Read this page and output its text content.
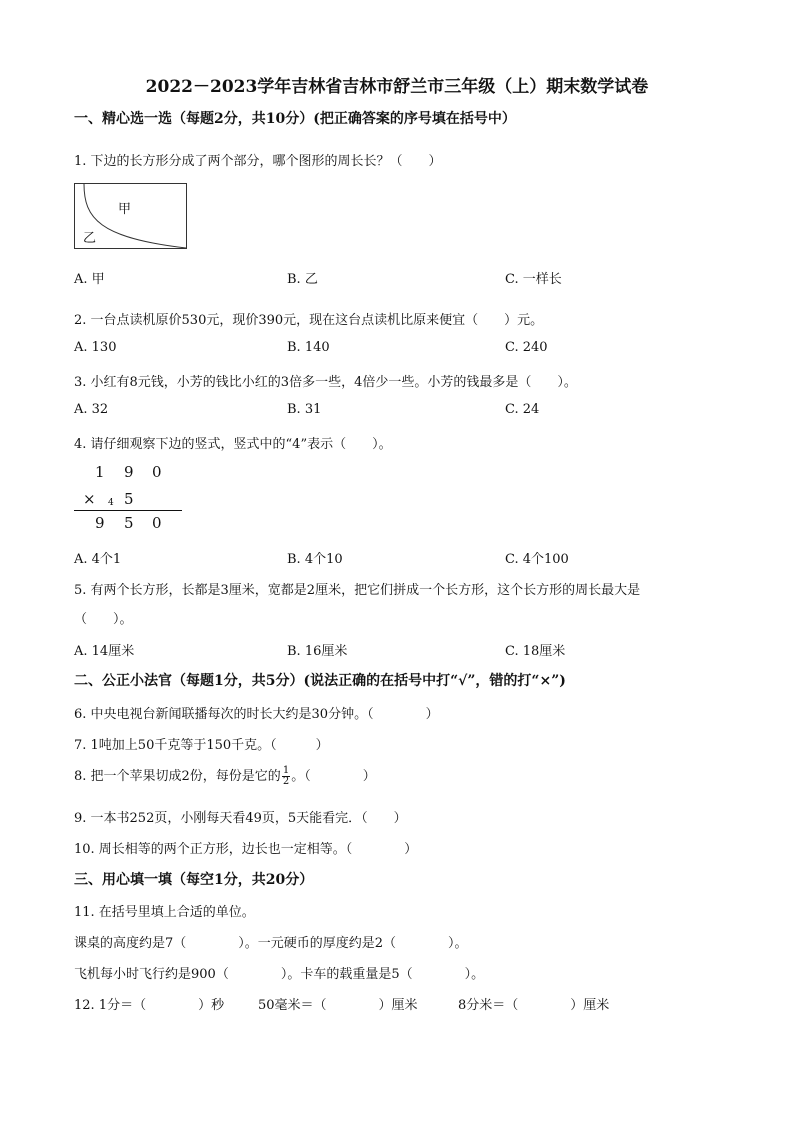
2022－2023学年吉林省吉林市舒兰市三年级（上）期末数学试卷
一、精心选一选（每题2分，共10分）(把正确答案的序号填在括号中）
1. 下边的长方形分成了两个部分，哪个图形的周长长？（　　）
甲
乙
A. 甲	B. 乙	C. 一样长
2. 一台点读机原价530元，现价390元，现在这台点读机比原来便宜（　　）元。
A. 130	B. 140	C. 240
3. 小红有8元钱，小芳的钱比小红的3倍多一些，4倍少一些。小芳的钱最多是（　　）。
A. 32	B. 31	C. 24
4. 请仔细观察下边的竖式，竖式中的“4”表示（　　）。
1 9 0
× 4 5
9 5 0
A. 4个1	B. 4个10	C. 4个100
5. 有两个长方形，长都是3厘米，宽都是2厘米，把它们拼成一个长方形，这个长方形的周长最大是
（　　）。
A. 14厘米	B. 16厘米	C. 18厘米
二、公正小法官（每题1分，共5分）(说法正确的在括号中打“√”，错的打“×”)
6. 中央电视台新闻联播每次的时长大约是30分钟。（　　　　）
7. 1吨加上50千克等于150千克。（　　　）
8. 把一个苹果切成2份，每份是它的 $\frac{1}{2}$ 。（　　　　）
9. 一本书252页，小刚每天看49页，5天能看完．（　　）
10. 周长相等的两个正方形，边长也一定相等。（　　　　）
三、用心填一填（每空1分，共20分）
11. 在括号里填上合适的单位。
课桌的高度约是7（　　　　）。一元硬币的厚度约是2（　　　　）。
飞机每小时飞行约是900（　　　　）。卡车的载重量是5（　　　　）。
12. 1分＝（　　　　）秒	50毫米＝（　　　　）厘米	8分米＝（　　　　）厘米
